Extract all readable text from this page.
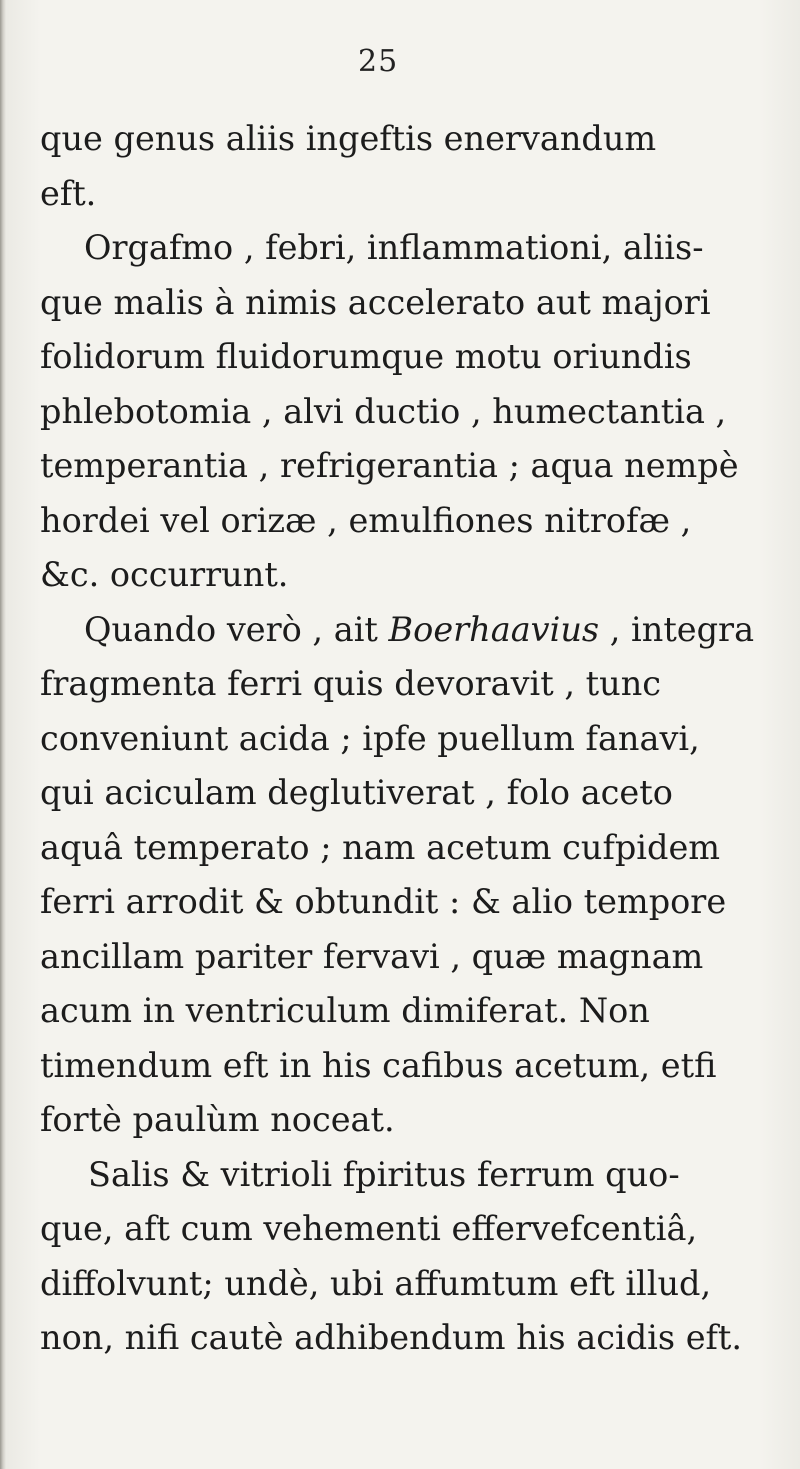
25
que genus aliis ingeftis enervandum
eft.
Orgafmo , febri, inflammationi, aliis-
que malis à nimis accelerato aut majori
folidorum fluidorumque motu oriundis
phlebotomia , alvi ductio , humectantia ,
temperantia , refrigerantia ; aqua nempè
hordei vel orizæ , emulfiones nitrofæ ,
&c. occurrunt.
Quando verò , ait Boerhaavius , integra
fragmenta ferri quis devoravit , tunc
conveniunt acida ; ipfe puellum fanavi,
qui aciculam deglutiverat , folo aceto
aquâ temperato ; nam acetum cufpidem
ferri arrodit & obtundit : & alio tempore
ancillam pariter fervavi , quæ magnam
acum in ventriculum dimiferat. Non
timendum eft in his cafibus acetum, etfi
fortè paulùm noceat.
Salis & vitrioli fpiritus ferrum quo-
que, aft cum vehementi effervefcentiâ,
diffolvunt; undè, ubi affumtum eft illud,
non, nifi cautè adhibendum his acidis eft.
